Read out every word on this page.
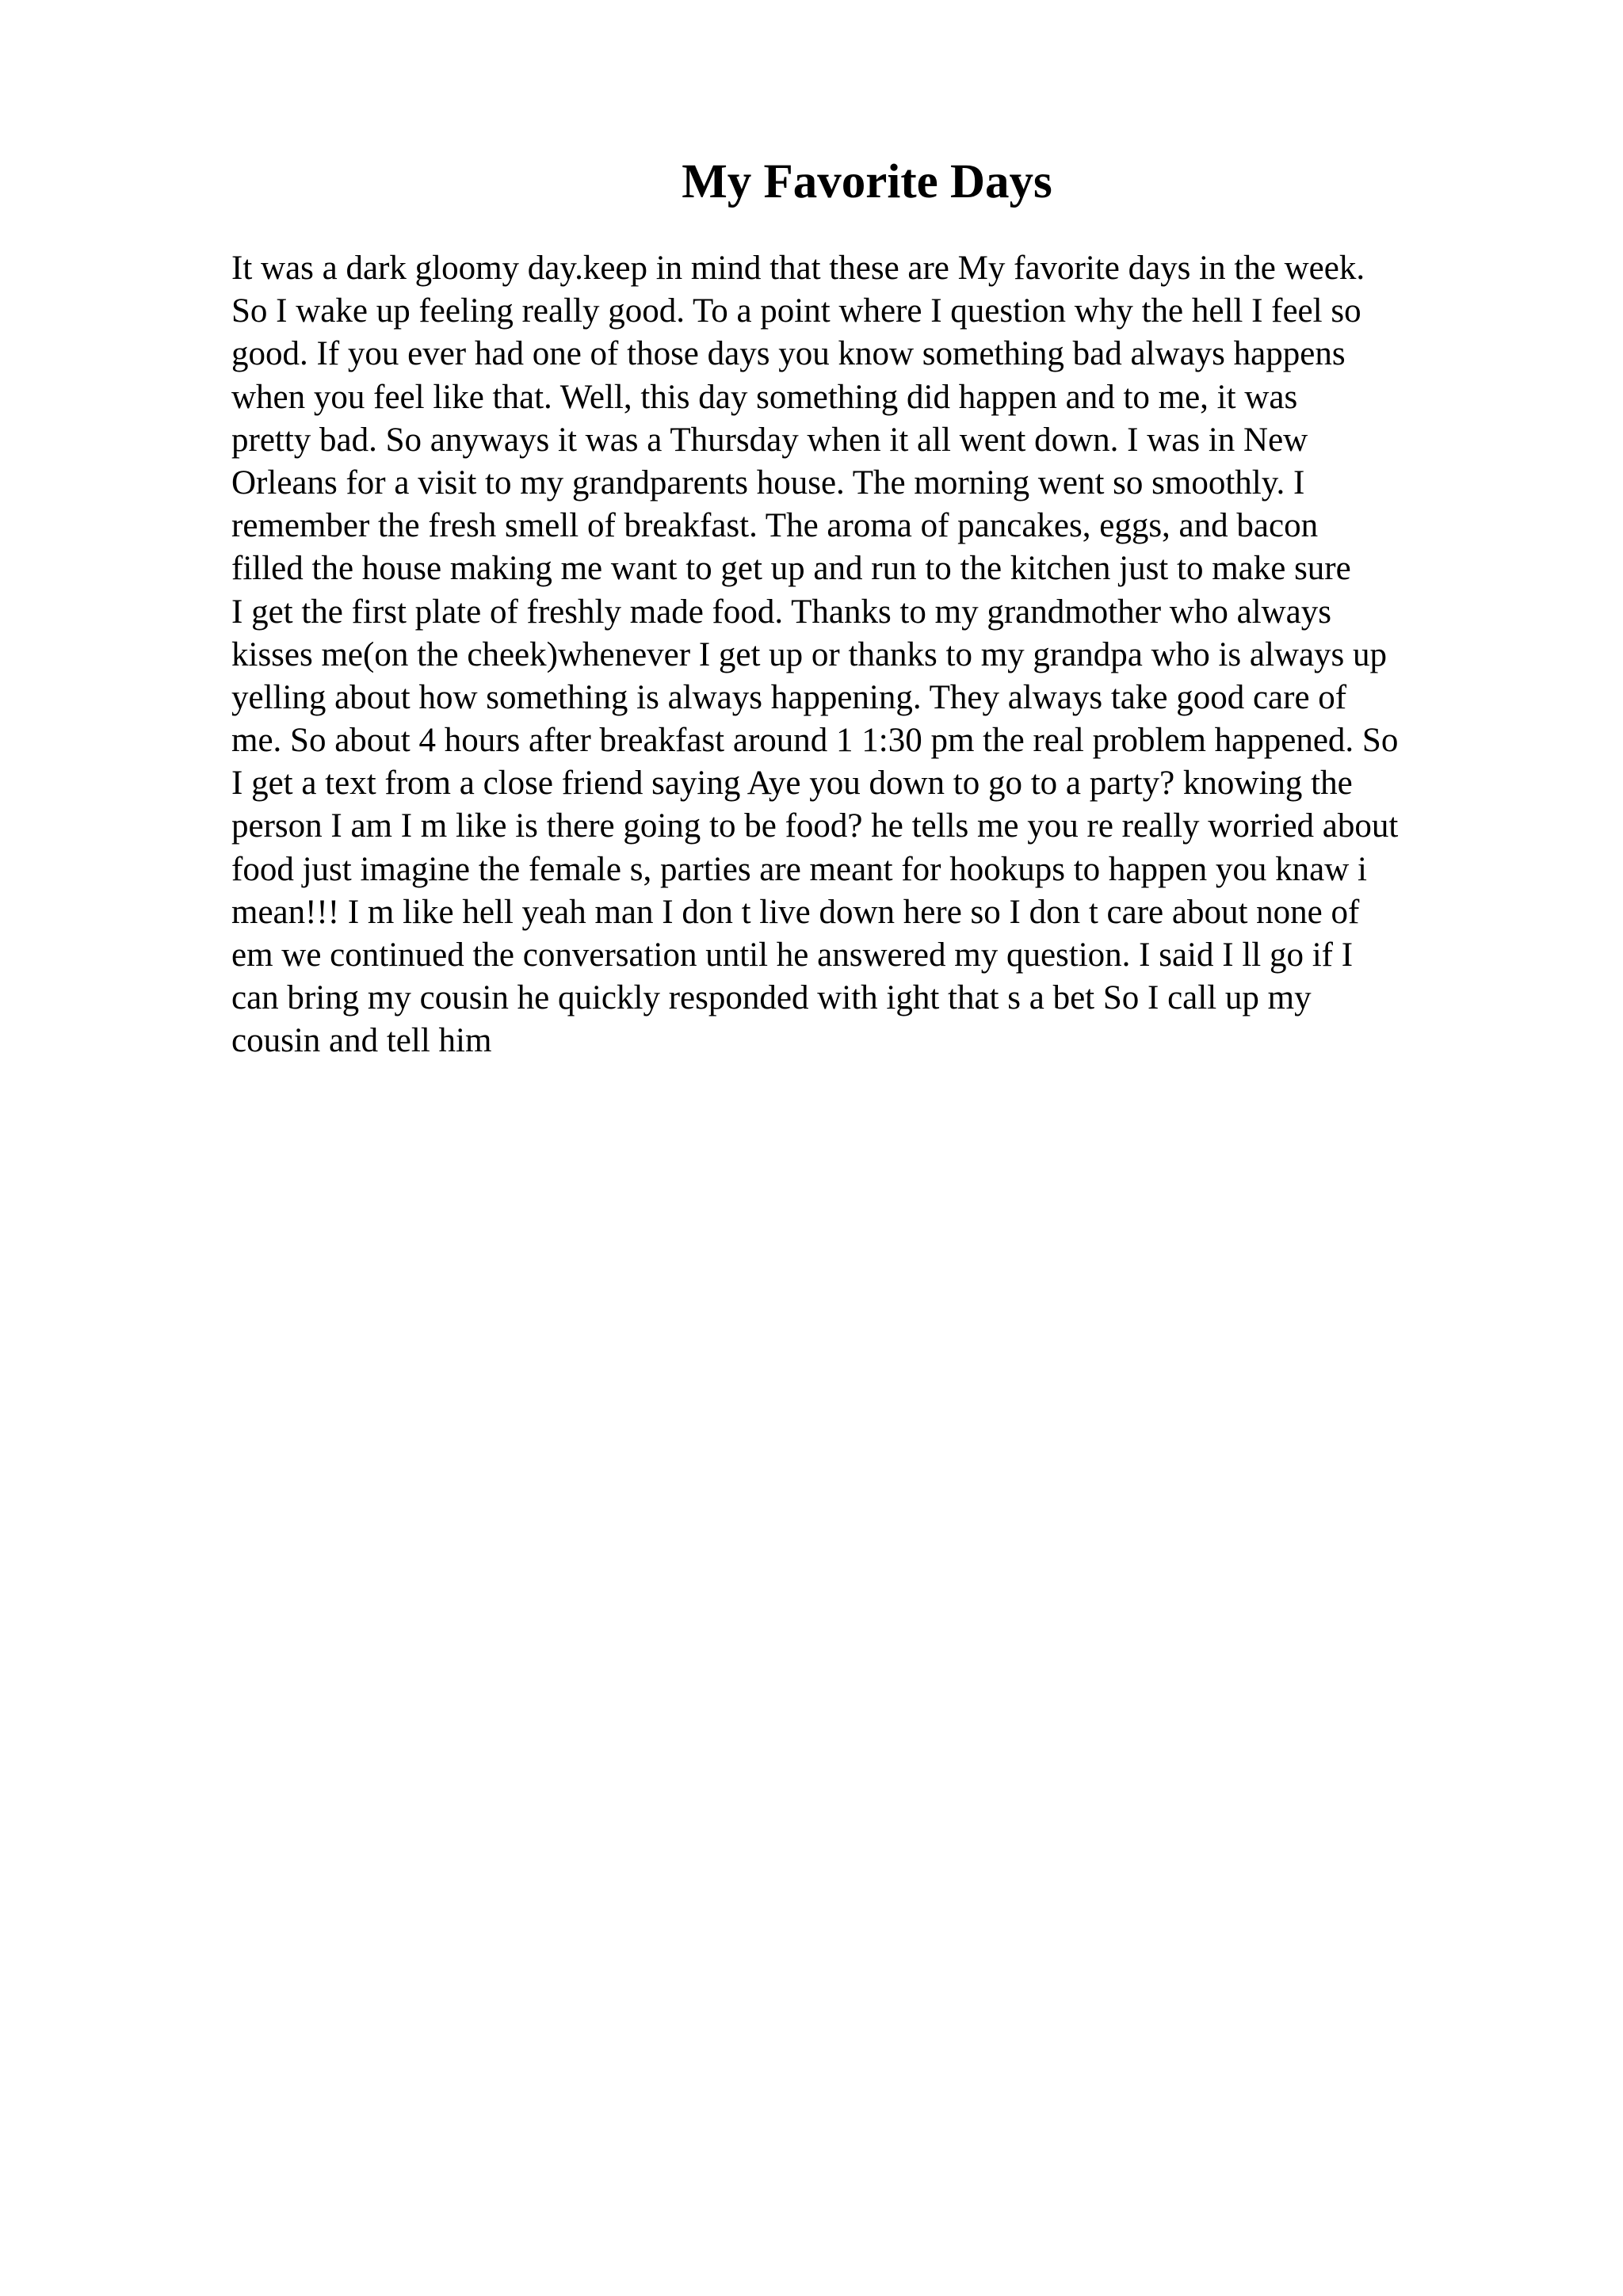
My Favorite Days
It was a dark gloomy day.keep in mind that these are My favorite days in the week.
So I wake up feeling really good. To a point where I question why the hell I feel so
good. If you ever had one of those days you know something bad always happens
when you feel like that. Well, this day something did happen and to me, it was
pretty bad. So anyways it was a Thursday when it all went down. I was in New
Orleans for a visit to my grandparents house. The morning went so smoothly. I
remember the fresh smell of breakfast. The aroma of pancakes, eggs, and bacon
filled the house making me want to get up and run to the kitchen just to make sure
I get the first plate of freshly made food. Thanks to my grandmother who always
kisses me(on the cheek)whenever I get up or thanks to my grandpa who is always up
yelling about how something is always happening. They always take good care of
me. So about 4 hours after breakfast around 1 1:30 pm the real problem happened. So
I get a text from a close friend saying Aye you down to go to a party? knowing the
person I am I m like is there going to be food? he tells me you re really worried about
food just imagine the female s, parties are meant for hookups to happen you knaw i
mean!!! I m like hell yeah man I don t live down here so I don t care about none of
em we continued the conversation until he answered my question. I said I ll go if I
can bring my cousin he quickly responded with ight that s a bet So I call up my
cousin and tell him
